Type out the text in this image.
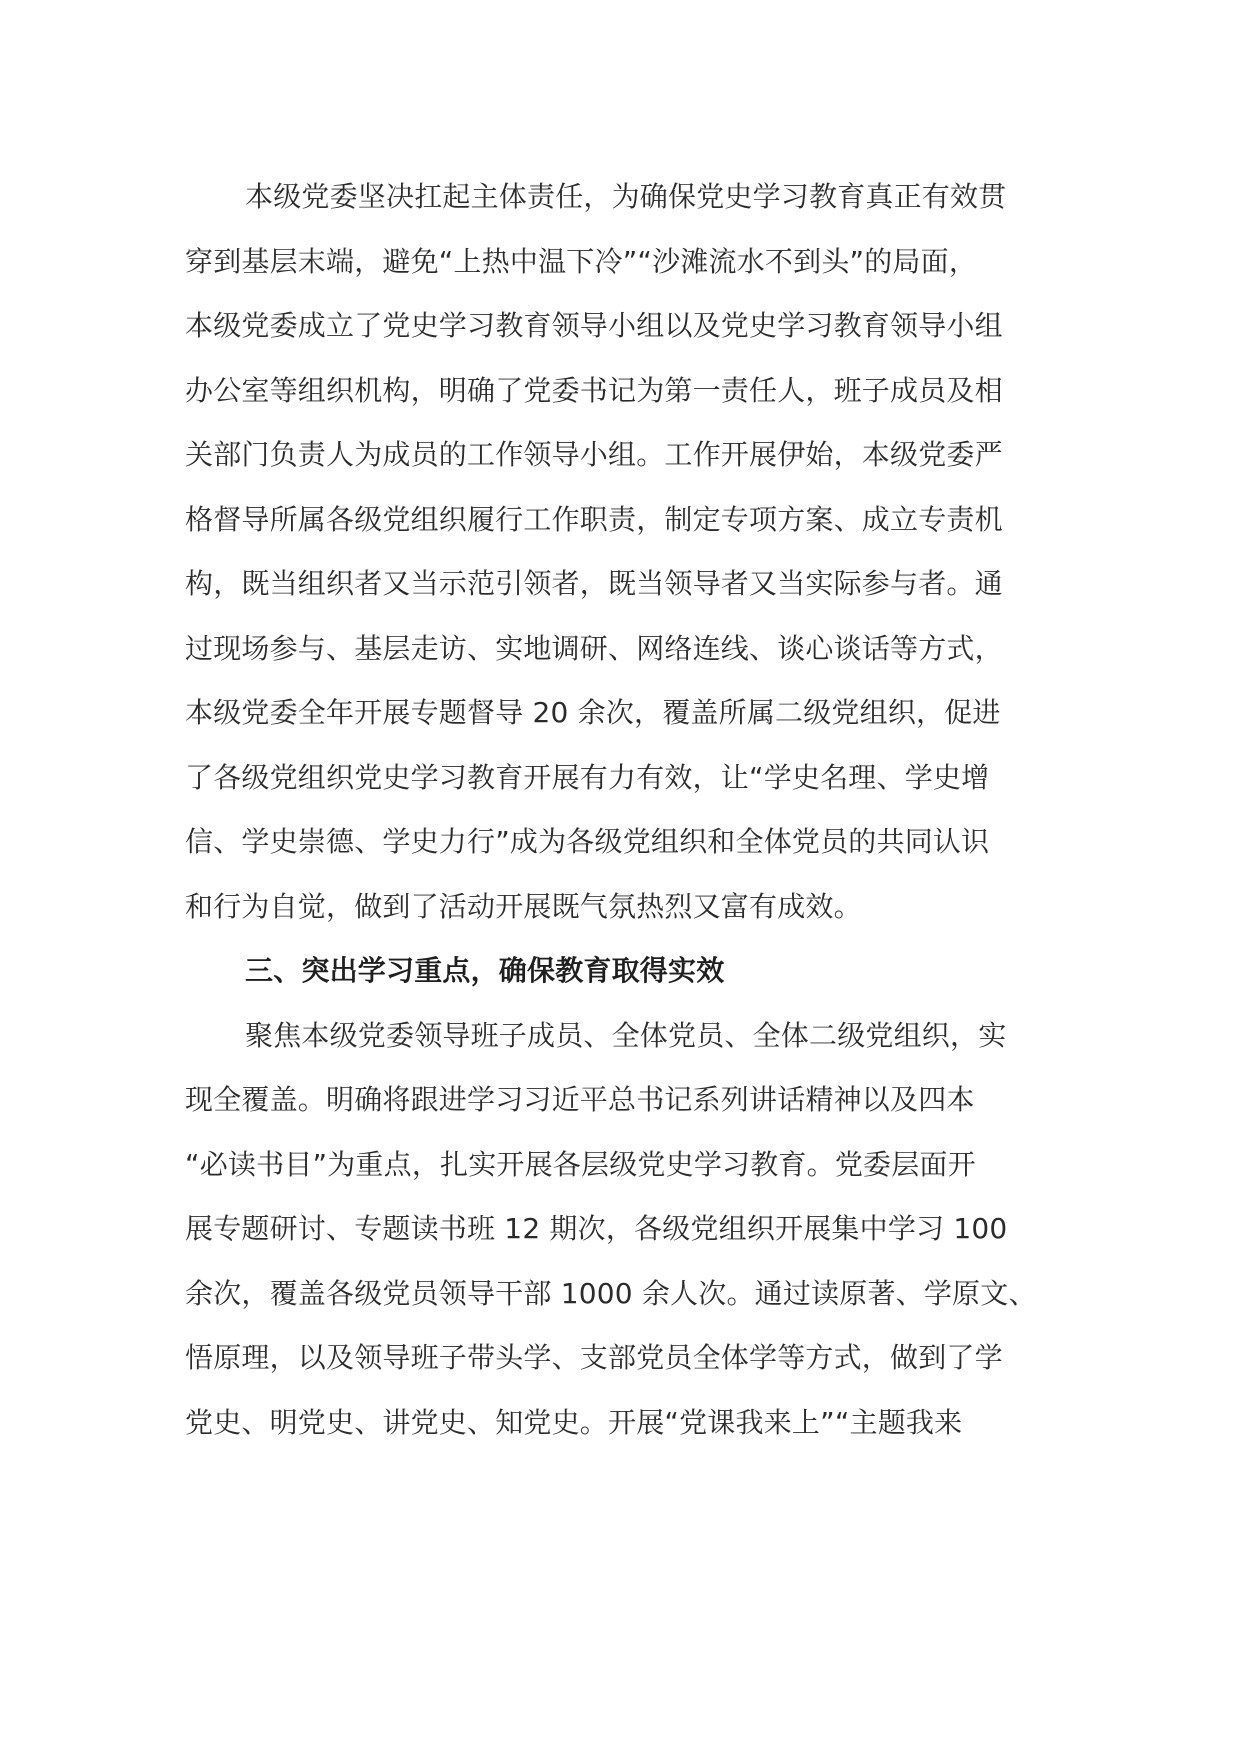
本级党委坚决扛起主体责任，为确保党史学习教育真正有效贯
穿到基层末端，避免“上热中温下冷”“沙滩流水不到头”的局面，
本级党委成立了党史学习教育领导小组以及党史学习教育领导小组
办公室等组织机构，明确了党委书记为第一责任人，班子成员及相
关部门负责人为成员的工作领导小组。工作开展伊始，本级党委严
格督导所属各级党组织履行工作职责，制定专项方案、成立专责机
构，既当组织者又当示范引领者，既当领导者又当实际参与者。通
过现场参与、基层走访、实地调研、网络连线、谈心谈话等方式，
本级党委全年开展专题督导 20 余次，覆盖所属二级党组织，促进
了各级党组织党史学习教育开展有力有效，让“学史名理、学史增
信、学史崇德、学史力行”成为各级党组织和全体党员的共同认识
和行为自觉，做到了活动开展既气氛热烈又富有成效。
三、突出学习重点，确保教育取得实效
聚焦本级党委领导班子成员、全体党员、全体二级党组织，实
现全覆盖。明确将跟进学习习近平总书记系列讲话精神以及四本
“必读书目”为重点，扎实开展各层级党史学习教育。党委层面开
展专题研讨、专题读书班 12 期次，各级党组织开展集中学习 100
余次，覆盖各级党员领导干部 1000 余人次。通过读原著、学原文、
悟原理，以及领导班子带头学、支部党员全体学等方式，做到了学
党史、明党史、讲党史、知党史。开展“党课我来上”“主题我来
